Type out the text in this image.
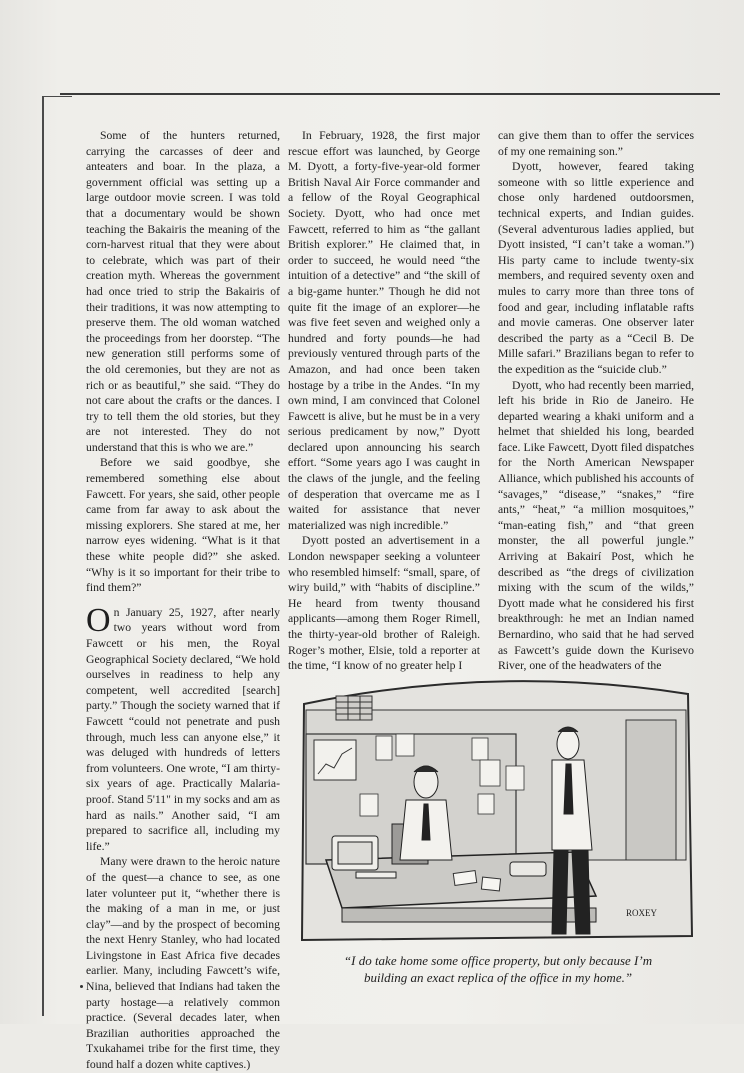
Some of the hunters returned, carrying the carcasses of deer and anteaters and boar. In the plaza, a government official was setting up a large outdoor movie screen. I was told that a documentary would be shown teaching the Bakairis the meaning of the corn-harvest ritual that they were about to celebrate, which was part of their creation myth. Whereas the government had once tried to strip the Bakairis of their traditions, it was now attempting to preserve them. The old woman watched the proceedings from her doorstep. “The new generation still performs some of the old ceremonies, but they are not as rich or as beautiful,” she said. “They do not care about the crafts or the dances. I try to tell them the old stories, but they are not interested. They do not understand that this is who we are.”

Before we said goodbye, she remembered something else about Fawcett. For years, she said, other people came from far away to ask about the missing explorers. She stared at me, her narrow eyes widening. “What is it that these white people did?” she asked. “Why is it so important for their tribe to find them?”

On January 25, 1927, after nearly two years without word from Fawcett or his men, the Royal Geographical Society declared, “We hold ourselves in readiness to help any competent, well accredited [search] party.” Though the society warned that if Fawcett “could not penetrate and push through, much less can anyone else,” it was deluged with hundreds of letters from volunteers. One wrote, “I am thirty-six years of age. Practically Malaria-proof. Stand 5'11" in my socks and am as hard as nails.” Another said, “I am prepared to sacrifice all, including my life.”

Many were drawn to the heroic nature of the quest—a chance to see, as one later volunteer put it, “whether there is the making of a man in me, or just clay”—and by the prospect of becoming the next Henry Stanley, who had located Livingstone in East Africa five decades earlier. Many, including Fawcett’s wife, Nina, believed that Indians had taken the party hostage—a relatively common practice. (Several decades later, when Brazilian authorities approached the Txukahamei tribe for the first time, they found half a dozen white captives.)

In February, 1928, the first major rescue effort was launched, by George M. Dyott, a forty-five-year-old former British Naval Air Force commander and a fellow of the Royal Geographical Society. Dyott, who had once met Fawcett, referred to him as “the gallant British explorer.” He claimed that, in order to succeed, he would need “the intuition of a detective” and “the skill of a big-game hunter.” Though he did not quite fit the image of an explorer—he was five feet seven and weighed only a hundred and forty pounds—he had previously ventured through parts of the Amazon, and had once been taken hostage by a tribe in the Andes. “In my own mind, I am convinced that Colonel Fawcett is alive, but he must be in a very serious predicament by now,” Dyott declared upon announcing his search effort. “Some years ago I was caught in the claws of the jungle, and the feeling of desperation that overcame me as I waited for assistance that never materialized was nigh incredible.”

Dyott posted an advertisement in a London newspaper seeking a volunteer who resembled himself: “small, spare, of wiry build,” with “habits of discipline.” He heard from twenty thousand applicants—among them Roger Rimell, the thirty-year-old brother of Raleigh. Roger’s mother, Elsie, told a reporter at the time, “I know of no greater help I

can give them than to offer the services of my one remaining son.”

Dyott, however, feared taking someone with so little experience and chose only hardened outdoorsmen, technical experts, and Indian guides. (Several adventurous ladies applied, but Dyott insisted, “I can’t take a woman.”) His party came to include twenty-six members, and required seventy oxen and mules to carry more than three tons of food and gear, including inflatable rafts and movie cameras. One observer later described the party as a “Cecil B. De Mille safari.” Brazilians began to refer to the expedition as the “suicide club.”

Dyott, who had recently been married, left his bride in Rio de Janeiro. He departed wearing a khaki uniform and a helmet that shielded his long, bearded face. Like Fawcett, Dyott filed dispatches for the North American Newspaper Alliance, which published his accounts of “savages,” “disease,” “snakes,” “fire ants,” “heat,” “a million mosquitoes,” “man-eating fish,” and “that green monster, the all powerful jungle.” Arriving at Bakairí Post, which he described as “the dregs of civilization mixing with the scum of the wilds,” Dyott made what he considered his first breakthrough: he met an Indian named Bernardino, who said that he had served as Fawcett’s guide down the Kurisevo River, one of the headwaters of the

ROXEY
“I do take home some office property, but only because I’m
building an exact replica of the office in my home.”
